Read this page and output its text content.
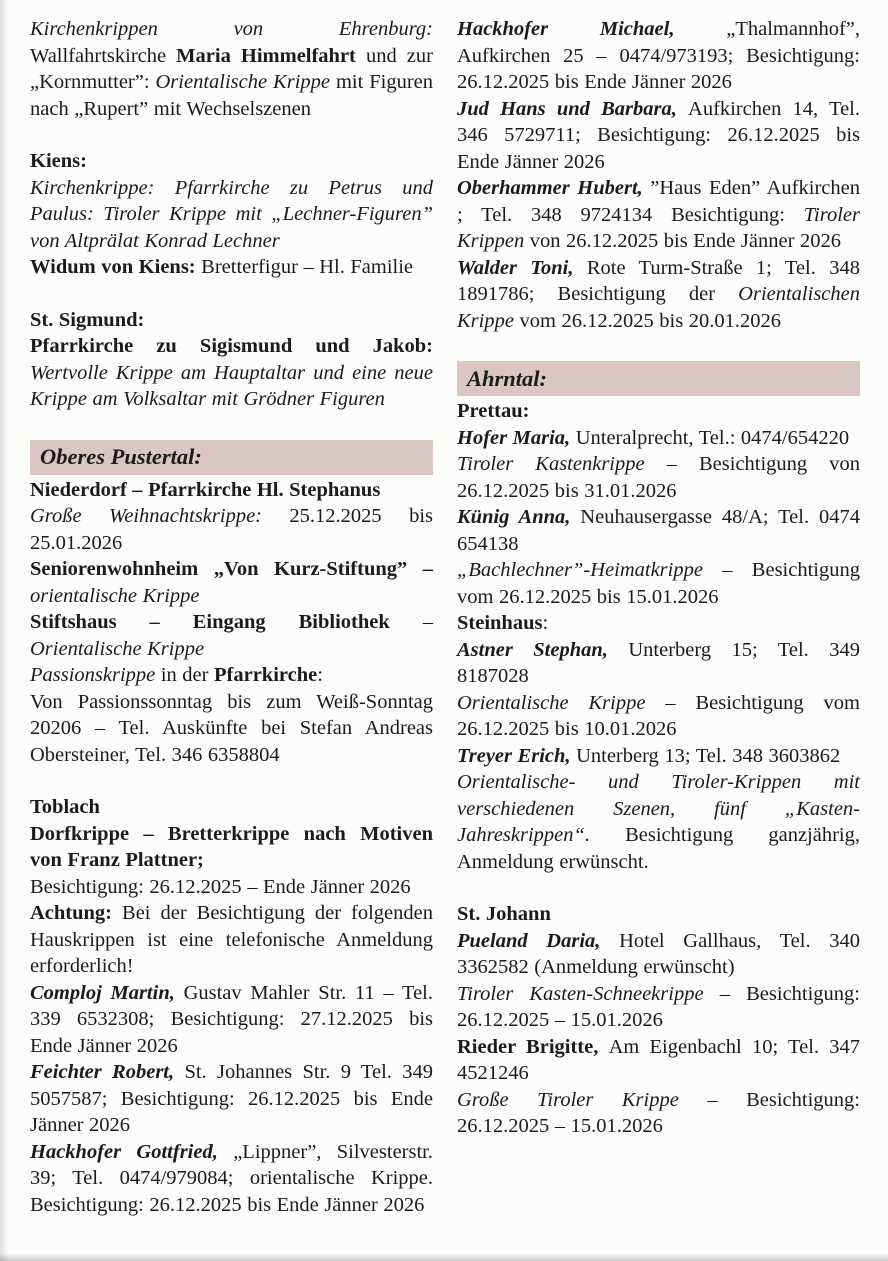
Kirchenkrippen von Ehrenburg: Wallfahrtskirche Maria Himmelfahrt und zur „Kornmutter”: Orientalische Krippe mit Figuren nach „Rupert” mit Wechselszenen

Kiens:

Kirchenkrippe: Pfarrkirche zu Petrus und Paulus: Tiroler Krippe mit „Lechner-Figuren” von Altprälat Konrad Lechner

Widum von Kiens: Bretterfigur – Hl. Familie

St. Sigmund:

Pfarrkirche zu Sigismund und Jakob: Wertvolle Krippe am Hauptaltar und eine neue Krippe am Volksaltar mit Grödner Figuren

Oberes Pustertal:

Niederdorf – Pfarrkirche Hl. Stephanus

Große Weihnachtskrippe: 25.12.2025 bis 25.01.2026

Seniorenwohnheim „Von Kurz-Stiftung” – orientalische Krippe

Stiftshaus – Eingang Bibliothek – Orientalische Krippe

Passionskrippe in der Pfarrkirche:

Von Passionssonntag bis zum Weiß-Sonntag 20206 – Tel. Auskünfte bei Stefan Andreas Obersteiner, Tel. 346 6358804

Toblach

Dorfkrippe – Bretterkrippe nach Motiven von Franz Plattner;

Besichtigung: 26.12.2025 – Ende Jänner 2026

Achtung: Bei der Besichtigung der folgenden Hauskrippen ist eine telefonische Anmeldung erforderlich!

Comploj Martin, Gustav Mahler Str. 11 – Tel. 339 6532308; Besichtigung: 27.12.2025 bis Ende Jänner 2026

Feichter Robert, St. Johannes Str. 9 Tel. 349 5057587; Besichtigung: 26.12.2025 bis Ende Jänner 2026

Hackhofer Gottfried, „Lippner”, Silvesterstr. 39; Tel. 0474/979084; orientalische Krippe. Besichtigung: 26.12.2025 bis Ende Jänner 2026

Hackhofer Michael, „Thalmannhof”, Aufkirchen 25 – 0474/973193; Besichtigung: 26.12.2025 bis Ende Jänner 2026

Jud Hans und Barbara, Aufkirchen 14, Tel. 346 5729711; Besichtigung: 26.12.2025 bis Ende Jänner 2026

Oberhammer Hubert, ”Haus Eden” Aufkirchen ; Tel. 348 9724134 Besichtigung: Tiroler Krippen von 26.12.2025 bis Ende Jänner 2026

Walder Toni, Rote Turm-Straße 1; Tel. 348 1891786; Besichtigung der Orientalischen Krippe vom 26.12.2025 bis 20.01.2026

Ahrntal:

Prettau:

Hofer Maria, Unteralprecht, Tel.: 0474/654220

Tiroler Kastenkrippe – Besichtigung von 26.12.2025 bis 31.01.2026

Künig Anna, Neuhausergasse 48/A; Tel. 0474 654138

„Bachlechner”-Heimatkrippe – Besichtigung vom 26.12.2025 bis 15.01.2026

Steinhaus:

Astner Stephan, Unterberg 15; Tel. 349 8187028

Orientalische Krippe – Besichtigung vom 26.12.2025 bis 10.01.2026

Treyer Erich, Unterberg 13; Tel. 348 3603862

Orientalische- und Tiroler-Krippen mit verschiedenen Szenen, fünf „Kasten-Jahreskrippen“. Besichtigung ganzjährig, Anmeldung erwünscht.

St. Johann

Pueland Daria, Hotel Gallhaus, Tel. 340 3362582 (Anmeldung erwünscht)

Tiroler Kasten-Schneekrippe – Besichtigung: 26.12.2025 – 15.01.2026

Rieder Brigitte, Am Eigenbachl 10; Tel. 347 4521246

Große Tiroler Krippe – Besichtigung: 26.12.2025 – 15.01.2026
